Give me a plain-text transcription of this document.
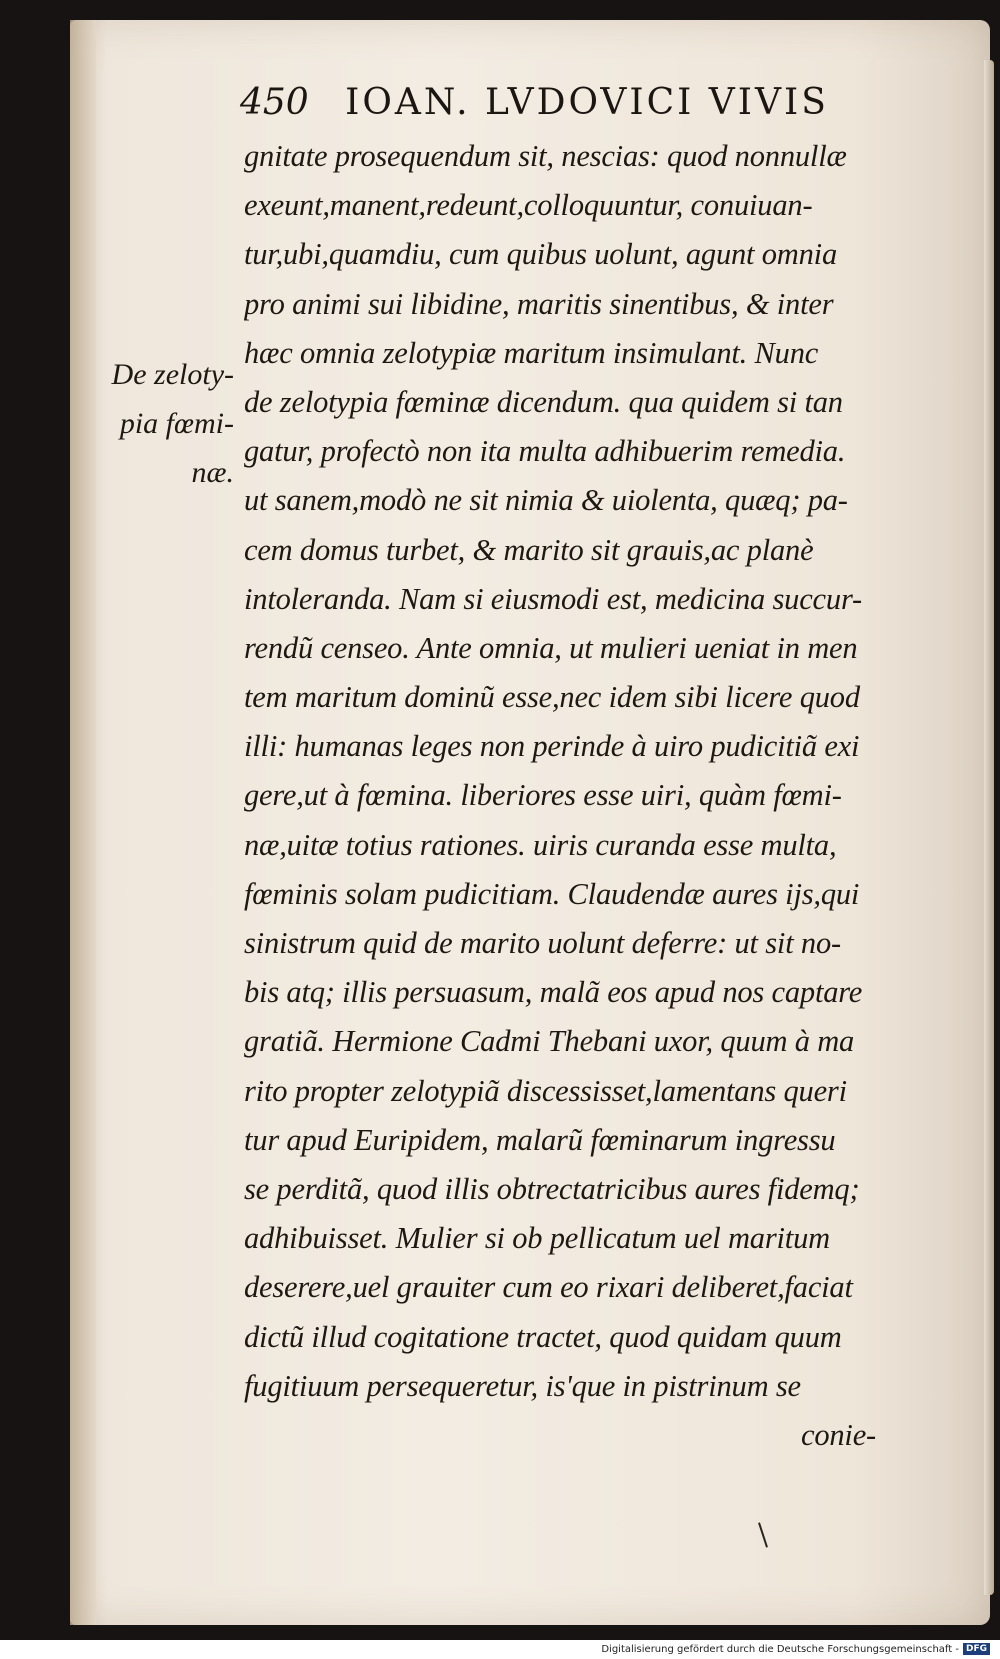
450 IOAN. LVDOVICI VIVIS
De zeloty-
pia fœmi-
næ.
gnitate prosequendum sit, nescias: quod nonnullæ
exeunt,manent,redeunt,colloquuntur, conuiuan-
tur,ubi,quamdiu, cum quibus uolunt, agunt omnia
pro animi sui libidine, maritis sinentibus, & inter
hæc omnia zelotypiæ maritum insimulant. Nunc
de zelotypia fœminæ dicendum. qua quidem si tan
gatur, profectò non ita multa adhibuerim remedia.
ut sanem,modò ne sit nimia & uiolenta, quæq; pa-
cem domus turbet, & marito sit grauis,ac planè
intoleranda. Nam si eiusmodi est, medicina succur-
rendũ censeo. Ante omnia, ut mulieri ueniat in men
tem maritum dominũ esse,nec idem sibi licere quod
illi: humanas leges non perinde à uiro pudicitiã exi
gere,ut à fœmina. liberiores esse uiri, quàm fœmi-
næ,uitæ totius rationes. uiris curanda esse multa,
fœminis solam pudicitiam. Claudendæ aures ijs,qui
sinistrum quid de marito uolunt deferre: ut sit no-
bis atq; illis persuasum, malã eos apud nos captare
gratiã. Hermione Cadmi Thebani uxor, quum à ma
rito propter zelotypiã discessisset,lamentans queri
tur apud Euripidem, malarũ fœminarum ingressu
se perditã, quod illis obtrectatricibus aures fidemq;
adhibuisset. Mulier si ob pellicatum uel maritum
deserere,uel grauiter cum eo rixari deliberet,faciat
dictũ illud cogitatione tractet, quod quidam quum
fugitiuum persequeretur, is'que in pistrinum se
conie-
Digitalisierung gefördert durch die Deutsche Forschungsgemeinschaft - DFG
